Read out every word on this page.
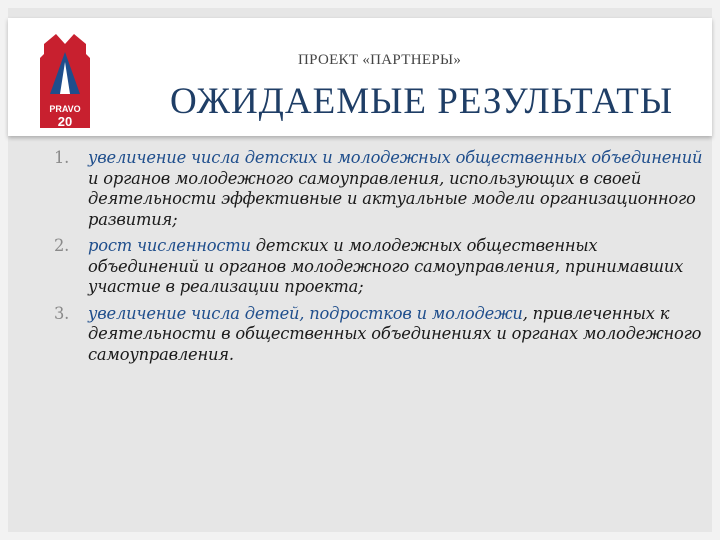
PRAVO
20
ПРОЕКТ «ПАРТНЕРЫ»
ОЖИДАЕМЫЕ РЕЗУЛЬТАТЫ
1. увеличение числа детских и молодежных общественных объединений и органов молодежного самоуправления, использующих в своей деятельности эффективные и актуальные модели организационного развития;
2. рост численности детских и молодежных общественных объединений и органов молодежного самоуправления, принимавших участие в реализации проекта;
3. увеличение числа детей, подростков и молодежи, привлеченных к деятельности в общественных объединениях и органах молодежного самоуправления.
